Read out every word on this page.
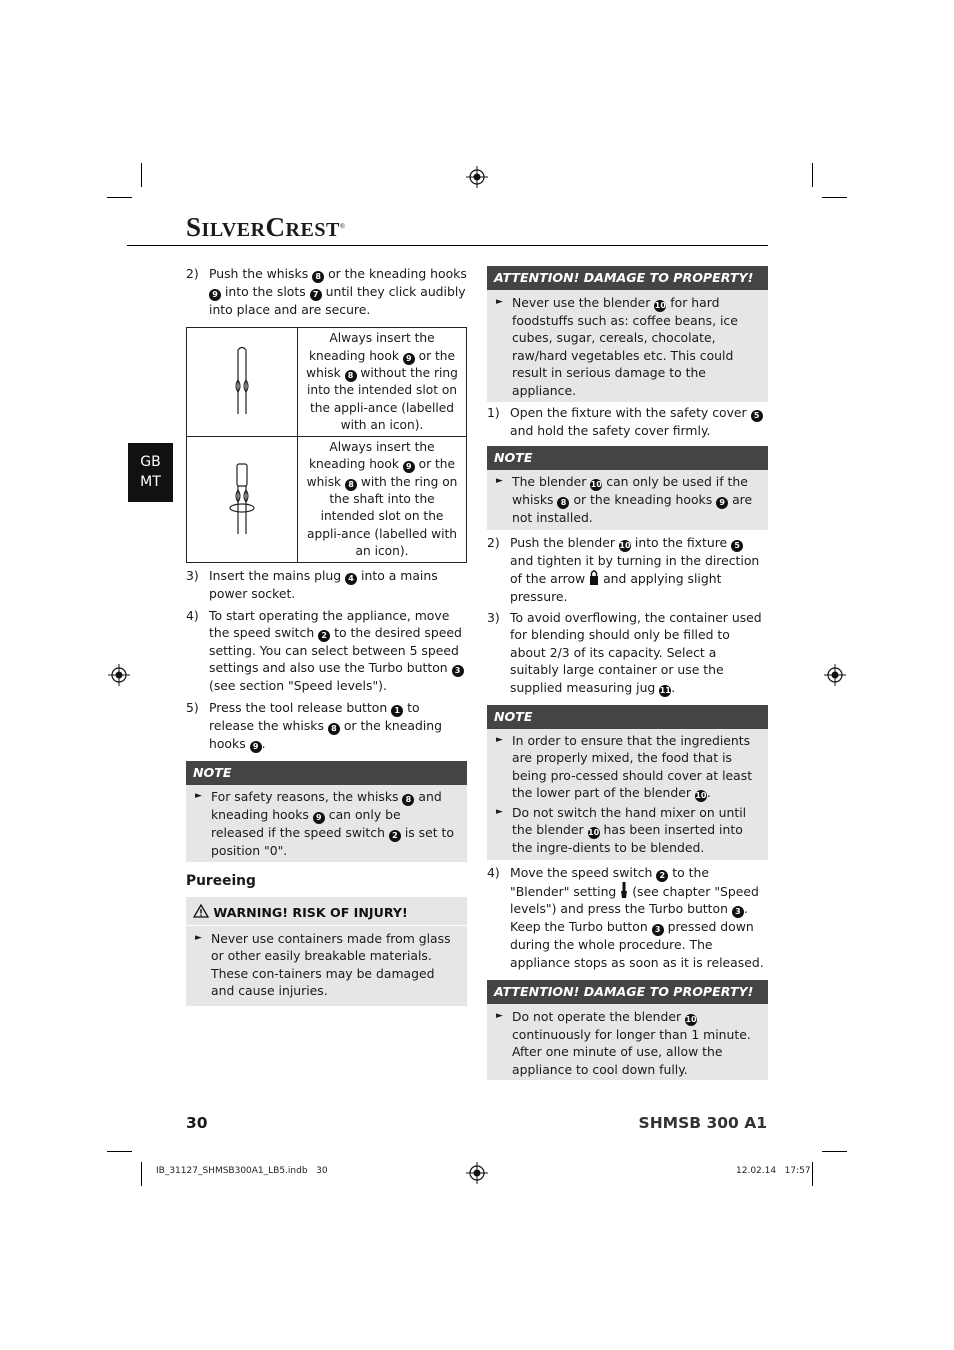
SILVERCREST®
GB
MT

2) Push the whisks 8 or the kneading hooks 9 into the slots 7 until they click audibly into place and are secure.

	Always insert the kneading hook 9 or the whisk 8 without the ring into the intended slot on the appli-ance (labelled with an icon).
	Always insert the kneading hook 9 or the whisk 8 with the ring on the shaft into the intended slot on the appli-ance (labelled with an icon).

3) Insert the mains plug 4 into a mains power socket.

4) To start operating the appliance, move the speed switch 2 to the desired speed setting. You can select between 5 speed settings and also use the Turbo button 3 (see section "Speed levels").

5) Press the tool release button 1 to release the whisks 8 or the kneading hooks 9 .

NOTE
► For safety reasons, the whisks 8 and kneading hooks 9 can only be released if the speed switch 2 is set to position "0".
Pureeing
WARNING! RISK OF INJURY!
► Never use containers made from glass or other easily breakable materials. These con-tainers may be damaged and cause injuries.
ATTENTION! DAMAGE TO PROPERTY!
► Never use the blender 10 for hard foodstuffs such as: coffee beans, ice cubes, sugar, cereals, chocolate, raw/hard vegetables etc. This could result in serious damage to the appliance.

1) Open the fixture with the safety cover 5 and hold the safety cover firmly.

NOTE
► The blender 10 can only be used if the whisks 8 or the kneading hooks 9 are not installed.

2) Push the blender 10 into the fixture 5 and tighten it by turning in the direction of the arrow and applying slight pressure.

3) To avoid overflowing, the container used for blending should only be filled to about 2/3 of its capacity. Select a suitably large container or use the supplied measuring jug 11.

NOTE
► In order to ensure that the ingredients are properly mixed, the food that is being pro-cessed should cover at least the lower part of the blender 10.
► Do not switch the hand mixer on until the blender 10 has been inserted into the ingre-dients to be blended.

4) Move the speed switch 2 to the "Blender" setting (see chapter "Speed levels") and press the Turbo button 3 . Keep the Turbo button 3 pressed down during the whole procedure. The appliance stops as soon as it is released.

ATTENTION! DAMAGE TO PROPERTY!
► Do not operate the blender 10 continuously for longer than 1 minute. After one minute of use, allow the appliance to cool down fully.
30	SHMSB 300 A1
IB_31127_SHMSB300A1_LB5.indb   30	12.02.14   17:57
